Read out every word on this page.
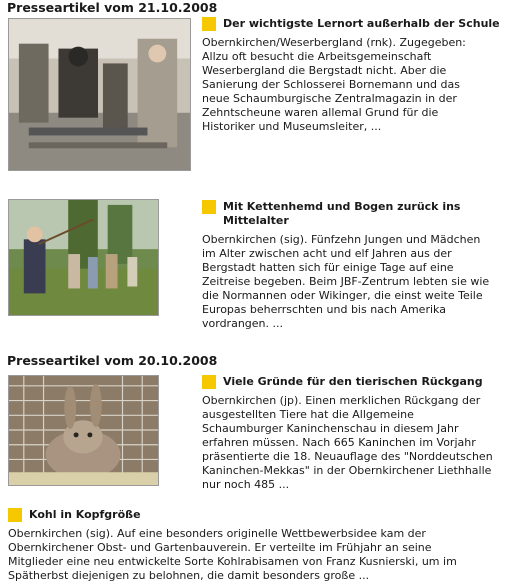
Presseartikel vom 21.10.2008
Der wichtigste Lernort außerhalb der Schule

Obernkirchen/Weserbergland (rnk). Zugegeben:

Allzu oft besucht die Arbeitsgemeinschaft

Weserbergland die Bergstadt nicht. Aber die

Sanierung der Schlosserei Bornemann und das

neue Schaumburgische Zentralmagazin in der

Zehntscheune waren allemal Grund für die

Historiker und Museumsleiter, ...

Mit Kettenhemd und Bogen zurück ins Mittelalter

Obernkirchen (sig). Fünfzehn Jungen und Mädchen

im Alter zwischen acht und elf Jahren aus der

Bergstadt hatten sich für einige Tage auf eine

Zeitreise begeben. Beim JBF-Zentrum lebten sie wie

die Normannen oder Wikinger, die einst weite Teile

Europas beherrschten und bis nach Amerika

vordrangen. ...

Presseartikel vom 20.10.2008
Viele Gründe für den tierischen Rückgang

Obernkirchen (jp). Einen merklichen Rückgang der

ausgestellten Tiere hat die Allgemeine

Schaumburger Kaninchenschau in diesem Jahr

erfahren müssen. Nach 665 Kaninchen im Vorjahr

präsentierte die 18. Neuauflage des "Norddeutschen

Kaninchen-Mekkas" in der Obernkirchener Liethhalle

nur noch 485 ...

Kohl in Kopfgröße

Obernkirchen (sig). Auf eine besonders originelle Wettbewerbsidee kam der

Obernkirchener Obst- und Gartenbauverein. Er verteilte im Frühjahr an seine

Mitglieder eine neu entwickelte Sorte Kohlrabisamen von Franz Kusnierski, um im

Spätherbst diejenigen zu belohnen, die damit besonders große ...
